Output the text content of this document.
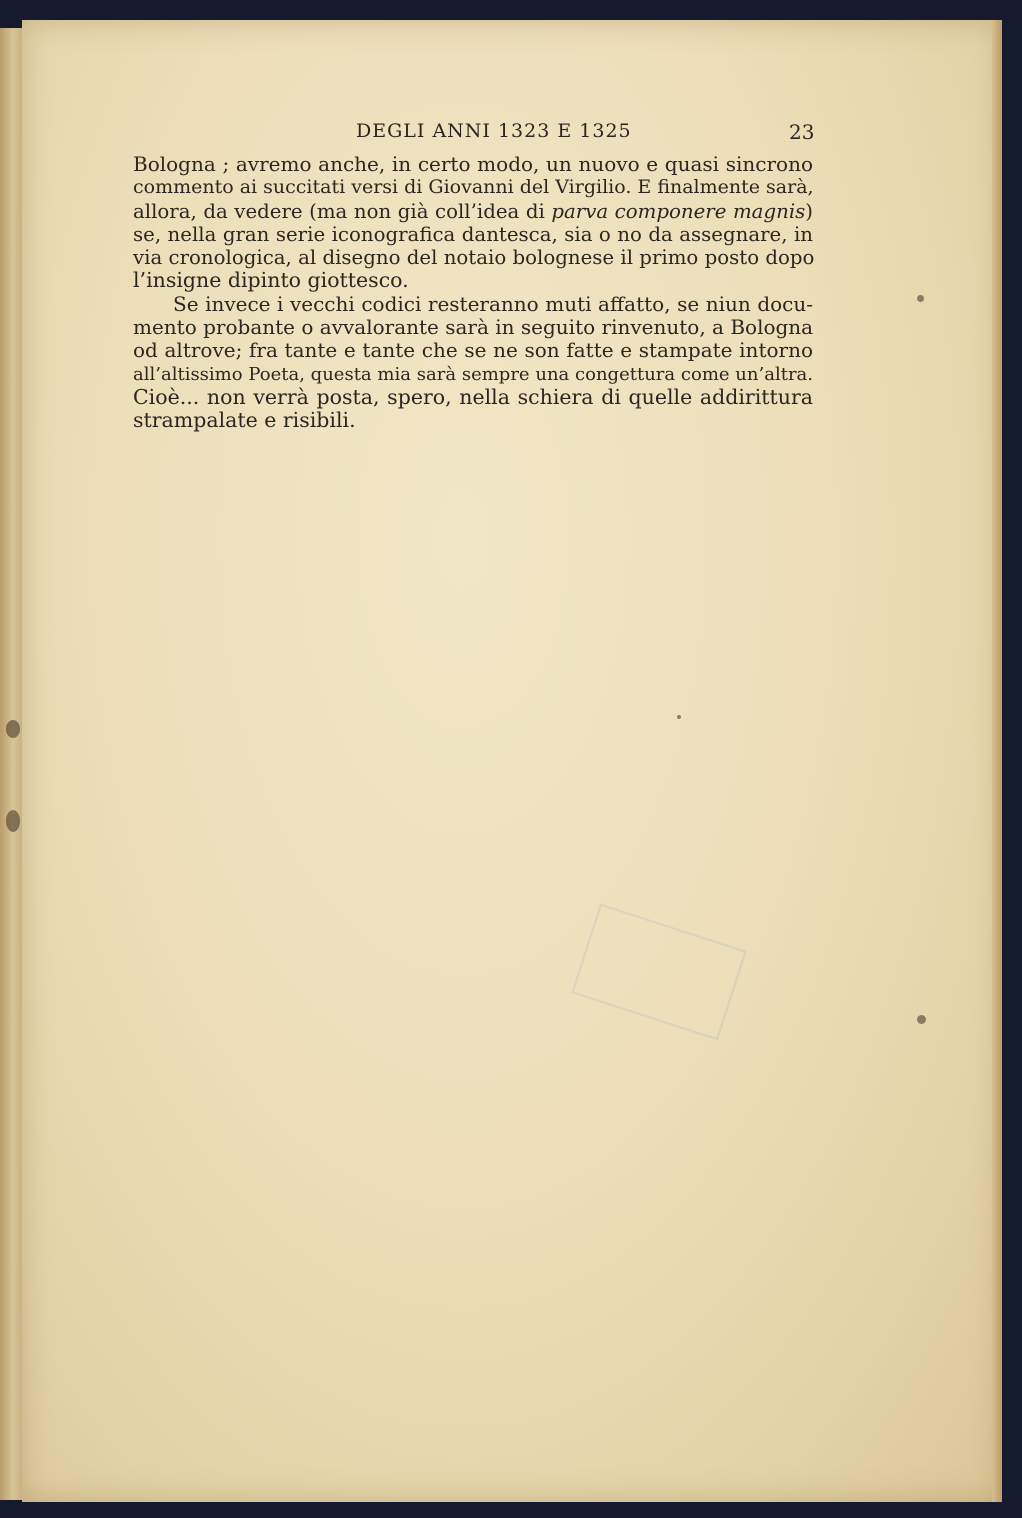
DEGLI ANNI 1323 E 1325	23
Bologna ; avremo anche, in certo modo, un nuovo e quasi sincrono
commento ai succitati versi di Giovanni del Virgilio. E finalmente sarà,
allora, da vedere (ma non già coll’idea di parva componere magnis)
se, nella gran serie iconografica dantesca, sia o no da assegnare, in
via cronologica, al disegno del notaio bolognese il primo posto dopo
l’insigne dipinto giottesco.
Se invece i vecchi codici resteranno muti affatto, se niun docu-
mento probante o avvalorante sarà in seguito rinvenuto, a Bologna
od altrove; fra tante e tante che se ne son fatte e stampate intorno
all’altissimo Poeta, questa mia sarà sempre una congettura come un’altra.
Cioè... non verrà posta, spero, nella schiera di quelle addirittura
strampalate e risibili.
